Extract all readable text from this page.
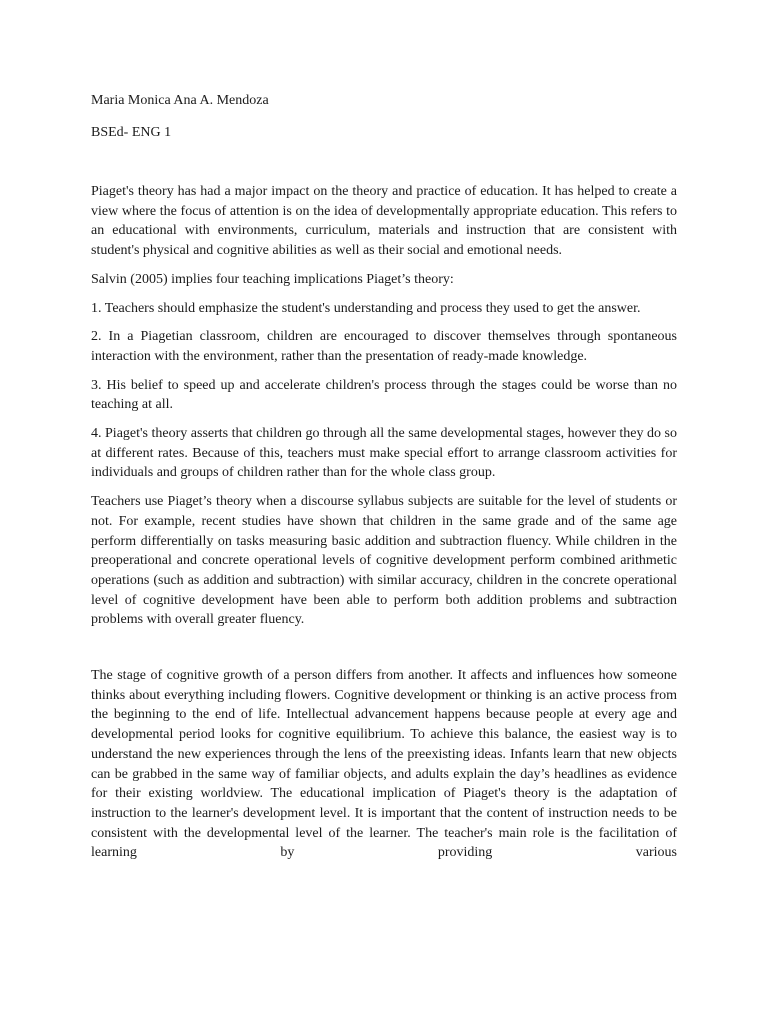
Maria Monica Ana A. Mendoza

BSEd- ENG 1

Piaget's theory has had a major impact on the theory and practice of education. It has helped to create a view where the focus of attention is on the idea of developmentally appropriate education. This refers to an educational with environments, curriculum, materials and instruction that are consistent with student's physical and cognitive abilities as well as their social and emotional needs.

Salvin (2005) implies four teaching implications Piaget’s theory:

1. Teachers should emphasize the student's understanding and process they used to get the answer.

2. In a Piagetian classroom, children are encouraged to discover themselves through spontaneous interaction with the environment, rather than the presentation of ready-made knowledge.

3. His belief to speed up and accelerate children's process through the stages could be worse than no teaching at all.

4. Piaget's theory asserts that children go through all the same developmental stages, however they do so at different rates. Because of this, teachers must make special effort to arrange classroom activities for individuals and groups of children rather than for the whole class group.

Teachers use Piaget’s theory when a discourse syllabus subjects are suitable for the level of students or not. For example, recent studies have shown that children in the same grade and of the same age perform differentially on tasks measuring basic addition and subtraction fluency. While children in the preoperational and concrete operational levels of cognitive development perform combined arithmetic operations (such as addition and subtraction) with similar accuracy, children in the concrete operational level of cognitive development have been able to perform both addition problems and subtraction problems with overall greater fluency.

The stage of cognitive growth of a person differs from another. It affects and influences how someone thinks about everything including flowers. Cognitive development or thinking is an active process from the beginning to the end of life. Intellectual advancement happens because people at every age and developmental period looks for cognitive equilibrium. To achieve this balance, the easiest way is to understand the new experiences through the lens of the preexisting ideas. Infants learn that new objects can be grabbed in the same way of familiar objects, and adults explain the day’s headlines as evidence for their existing worldview. The educational implication of Piaget's theory is the adaptation of instruction to the learner's development level. It is important that the content of instruction needs to be consistent with the developmental level of the learner. The teacher's main role is the facilitation of learning by providing various
